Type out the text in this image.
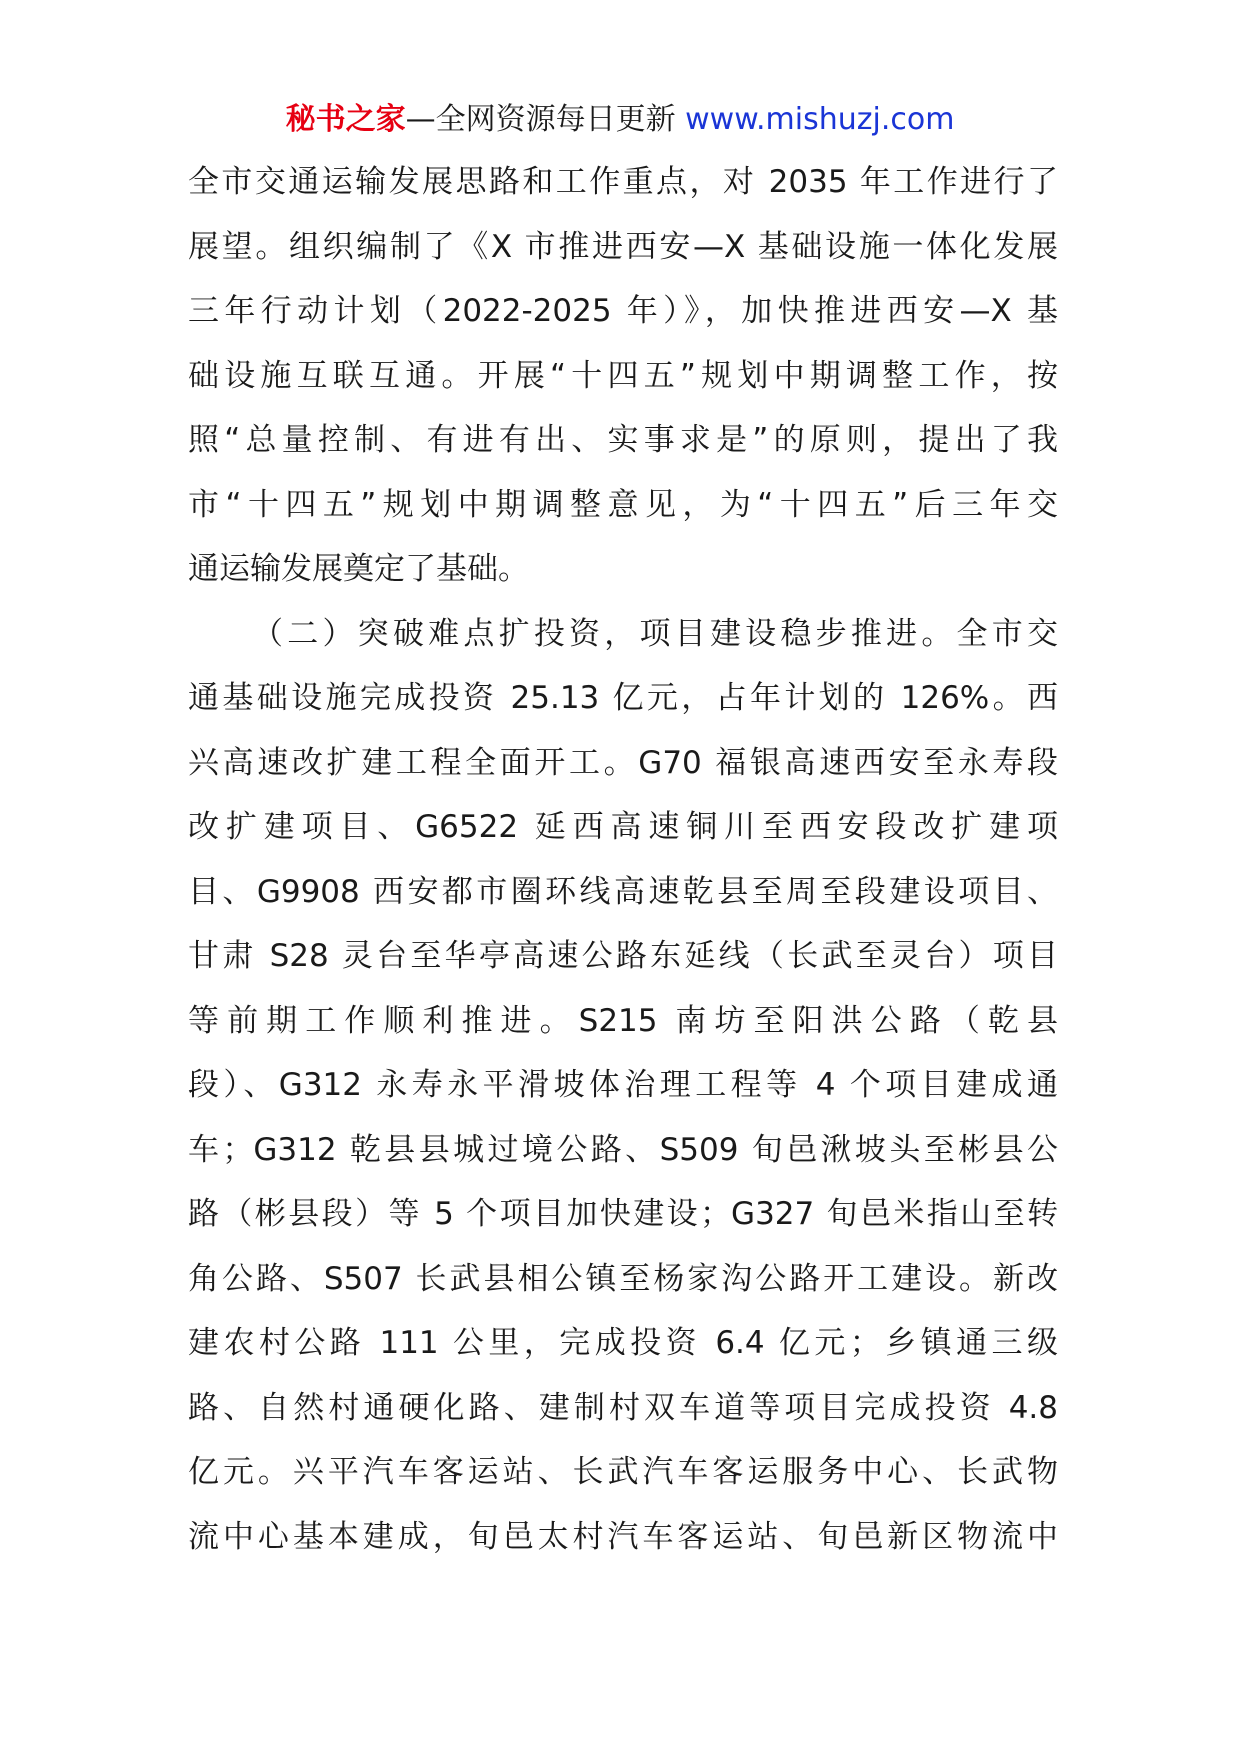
秘书之家—全网资源每日更新 www.mishuzj.com
全市交通运输发展思路和工作重点，对 2035 年工作进行了
展望。组织编制了《X 市推进西安—X 基础设施一体化发展
三年行动计划（2022-2025 年）》，加快推进西安—X 基
础设施互联互通。开展“十四五”规划中期调整工作，按
照“总量控制、有进有出、实事求是”的原则，提出了我
市“十四五”规划中期调整意见，为“十四五”后三年交
通运输发展奠定了基础。
（二）突破难点扩投资，项目建设稳步推进。全市交
通基础设施完成投资 25.13 亿元，占年计划的 126%。西
兴高速改扩建工程全面开工。G70 福银高速西安至永寿段
改扩建项目、G6522 延西高速铜川至西安段改扩建项
目、G9908 西安都市圈环线高速乾县至周至段建设项目、
甘肃 S28 灵台至华亭高速公路东延线（长武至灵台）项目
等前期工作顺利推进。S215 南坊至阳洪公路（乾县
段）、G312 永寿永平滑坡体治理工程等 4 个项目建成通
车；G312 乾县县城过境公路、S509 旬邑湫坡头至彬县公
路（彬县段）等 5 个项目加快建设；G327 旬邑米指山至转
角公路、S507 长武县相公镇至杨家沟公路开工建设。新改
建农村公路 111 公里，完成投资 6.4 亿元；乡镇通三级
路、自然村通硬化路、建制村双车道等项目完成投资 4.8
亿元。兴平汽车客运站、长武汽车客运服务中心、长武物
流中心基本建成，旬邑太村汽车客运站、旬邑新区物流中
